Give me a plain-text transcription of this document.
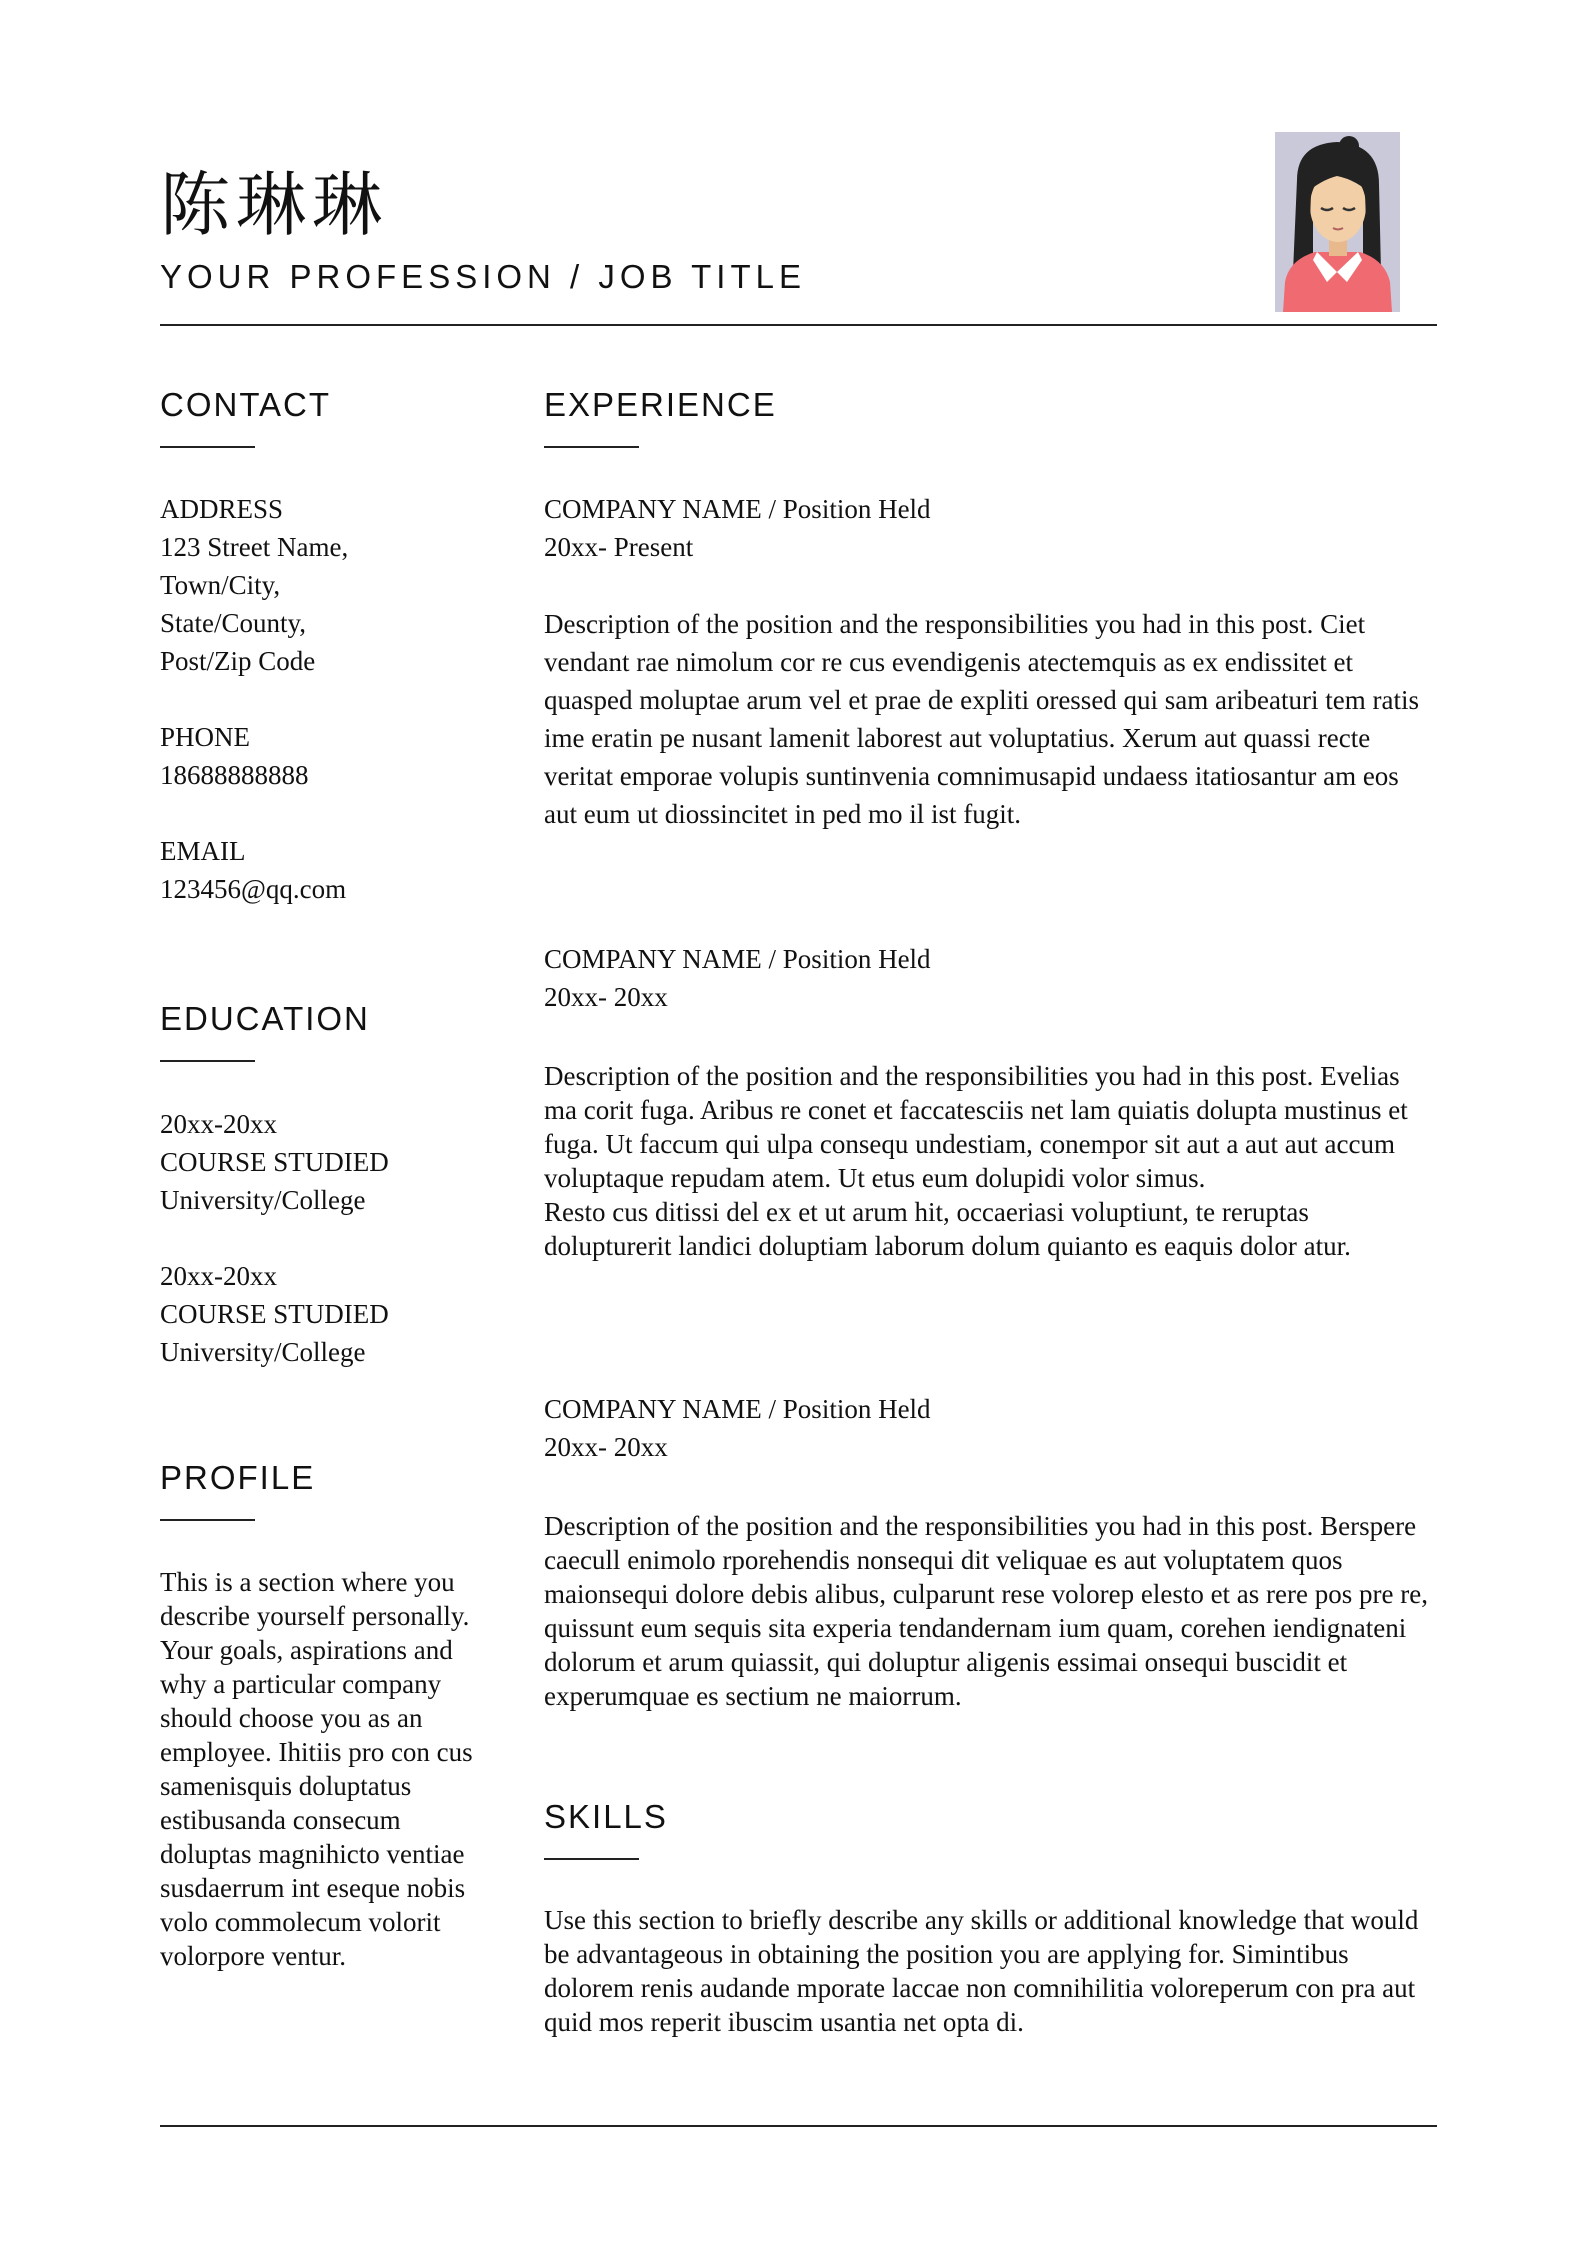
陈琳琳
YOUR PROFESSION / JOB TITLE
CONTACT
ADDRESS
123 Street Name,
Town/City,
State/County,
Post/Zip Code
PHONE
18688888888
EMAIL
123456@qq.com
EDUCATION
20xx-20xx
COURSE STUDIED
University/College
20xx-20xx
COURSE STUDIED
University/College
PROFILE

This is a section where you describe yourself personally. Your goals, aspirations and why a particular company should choose you as an employee. Ihitiis pro con cus samenisquis doluptatus estibusanda consecum doluptas magnihicto ventiae susdaerrum int eseque nobis volo commolecum volorit volorpore ventur.

EXPERIENCE
COMPANY NAME / Position Held
20xx- Present

Description of the position and the responsibilities you had in this post. Ciet vendant rae nimolum cor re cus evendigenis atectemquis as ex endissitet et quasped moluptae arum vel et prae de expliti oressed qui sam aribeaturi tem ratis ime eratin pe nusant lamenit laborest aut voluptatius. Xerum aut quassi recte veritat emporae volupis suntinvenia comnimusapid undaess itatiosantur am eos aut eum ut diossincitet in ped mo il ist fugit.

COMPANY NAME / Position Held
20xx- 20xx
Description of the position and the responsibilities you had in this post. Evelias ma corit fuga. Aribus re conet et faccatesciis net lam quiatis dolupta mustinus et fuga. Ut faccum qui ulpa consequ undestiam, conempor sit aut a aut aut accum voluptaque repudam atem. Ut etus eum dolupidi volor simus.
Resto cus ditissi del ex et ut arum hit, occaeriasi voluptiunt, te reruptas dolupturerit landici doluptiam laborum dolum quianto es eaquis dolor atur.
COMPANY NAME / Position Held
20xx- 20xx

Description of the position and the responsibilities you had in this post. Berspere caecull enimolo rporehendis nonsequi dit veliquae es aut voluptatem quos maionsequi dolore debis alibus, culparunt rese volorep elesto et as rere pos pre re, quissunt eum sequis sita experia tendandernam ium quam, corehen iendignateni dolorum et arum quiassit, qui doluptur aligenis essimai onsequi buscidit et experumquae es sectium ne maiorrum.

SKILLS

Use this section to briefly describe any skills or additional knowledge that would be advantageous in obtaining the position you are applying for. Simintibus dolorem renis audande mporate laccae non comnihilitia voloreperum con pra aut quid mos reperit ibuscim usantia net opta di.
